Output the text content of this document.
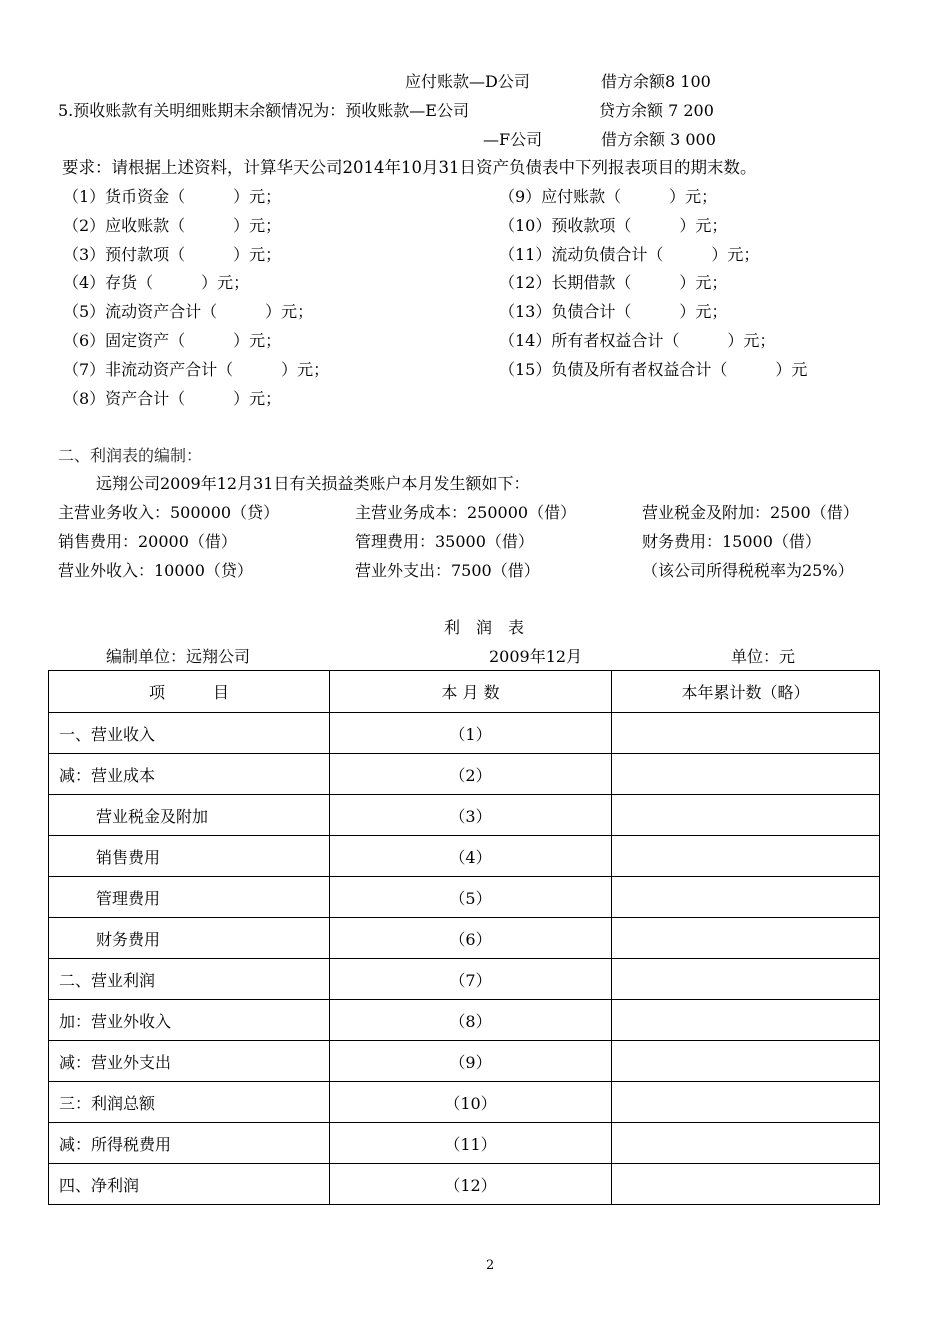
应付账款—D公司	借方余额8 100
5.预收账款有关明细账期末余额情况为：预收账款—E公司	贷方余额 7 200
—F公司	借方余额 3 000
要求：请根据上述资料，计算华天公司2014年10月31日资产负债表中下列报表项目的期末数。
（1）货币资金（　　　）元；
（2）应收账款（　　　）元；
（3）预付款项（　　　）元；
（4）存货（　　　）元；
（5）流动资产合计（　　　）元；
（6）固定资产（　　　）元；
（7）非流动资产合计（　　　）元；
（8）资产合计（　　　）元；
（9）应付账款（　　　）元；
（10）预收款项（　　　）元；
（11）流动负债合计（　　　）元；
（12）长期借款（　　　）元；
（13）负债合计（　　　）元；
（14）所有者权益合计（　　　）元；
（15）负债及所有者权益合计（　　　）元
二、利润表的编制：
远翔公司2009年12月31日有关损益类账户本月发生额如下：
主营业务收入：500000（贷）	主营业务成本：250000（借）	营业税金及附加：2500（借）
销售费用：20000（借）	管理费用：35000（借）	财务费用：15000（借）
营业外收入：10000（贷）	营业外支出：7500（借）	（该公司所得税税率为25%）
利　润　表
编制单位：远翔公司	2009年12月	单位：元
项　　　目	本 月 数	本年累计数（略）
一、营业收入	（1）	
减：营业成本	（2）	
营业税金及附加	（3）	
销售费用	（4）	
管理费用	（5）	
财务费用	（6）	
二、营业利润	（7）	
加：营业外收入	（8）	
减：营业外支出	（9）	
三：利润总额	（10）	
减：所得税费用	（11）	
四、净利润	（12）	
2
